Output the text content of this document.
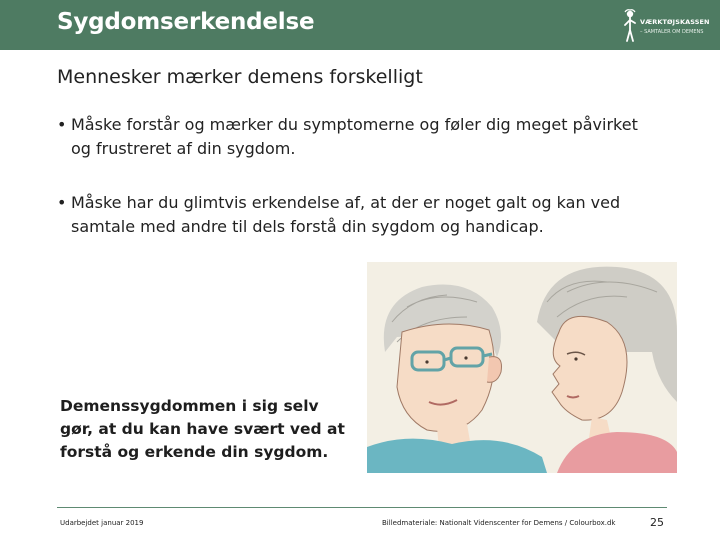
Sygdomserkendelse	VÆRKTØJSKASSEN
– SAMTALER OM DEMENS
Mennesker mærker demens forskelligt
• Måske forstår og mærker du symptomerne og føler dig meget påvirket
og frustreret af din sygdom.
• Måske har du glimtvis erkendelse af, at der er noget galt og kan ved
samtale med andre til dels forstå din sygdom og handicap.
Demenssygdommen i sig selv
gør, at du kan have svært ved at
forstå og erkende din sygdom.
Udarbejdet januar 2019	Billedmateriale: Nationalt Videnscenter for Demens / Colourbox.dk	25
